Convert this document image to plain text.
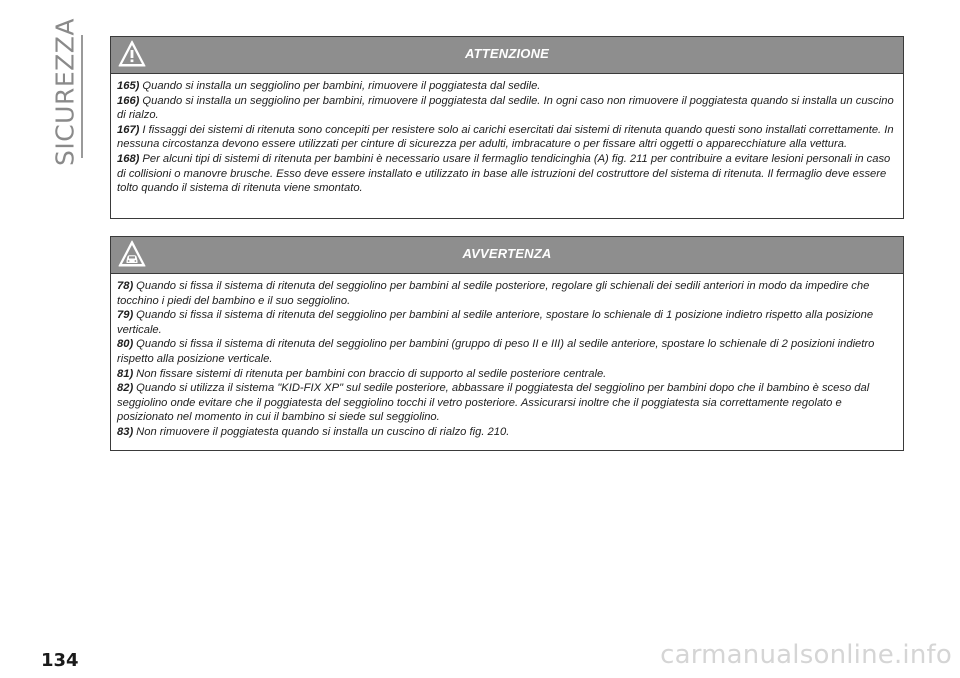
SICUREZZA	ATTENZIONE

165) Quando si installa un seggiolino per bambini, rimuovere il poggiatesta dal sedile.

166) Quando si installa un seggiolino per bambini, rimuovere il poggiatesta dal sedile. In ogni caso non rimuovere il poggiatesta quando si installa un cuscino di rialzo.

167) I fissaggi dei sistemi di ritenuta sono concepiti per resistere solo ai carichi esercitati dai sistemi di ritenuta quando questi sono installati correttamente. In nessuna circostanza devono essere utilizzati per cinture di sicurezza per adulti, imbracature o per fissare altri oggetti o apparecchiature alla vettura.

168) Per alcuni tipi di sistemi di ritenuta per bambini è necessario usare il fermaglio tendicinghia (A) fig. 211 per contribuire a evitare lesioni personali in caso di collisioni o manovre brusche. Esso deve essere installato e utilizzato in base alle istruzioni del costruttore del sistema di ritenuta. Il fermaglio deve essere tolto quando il sistema di ritenuta viene smontato.

AVVERTENZA

78) Quando si fissa il sistema di ritenuta del seggiolino per bambini al sedile posteriore, regolare gli schienali dei sedili anteriori in modo da impedire che tocchino i piedi del bambino e il suo seggiolino.

79) Quando si fissa il sistema di ritenuta del seggiolino per bambini al sedile anteriore, spostare lo schienale di 1 posizione indietro rispetto alla posizione verticale.

80) Quando si fissa il sistema di ritenuta del seggiolino per bambini (gruppo di peso II e III) al sedile anteriore, spostare lo schienale di 2 posizioni indietro rispetto alla posizione verticale.

81) Non fissare sistemi di ritenuta per bambini con braccio di supporto al sedile posteriore centrale.

82) Quando si utilizza il sistema "KID-FIX XP" sul sedile posteriore, abbassare il poggiatesta del seggiolino per bambini dopo che il bambino è sceso dal seggiolino onde evitare che il poggiatesta del seggiolino tocchi il vetro posteriore. Assicurarsi inoltre che il poggiatesta sia correttamente regolato e posizionato nel momento in cui il bambino si siede sul seggiolino.

83) Non rimuovere il poggiatesta quando si installa un cuscino di rialzo fig. 210.

134	carmanualsonline.info
